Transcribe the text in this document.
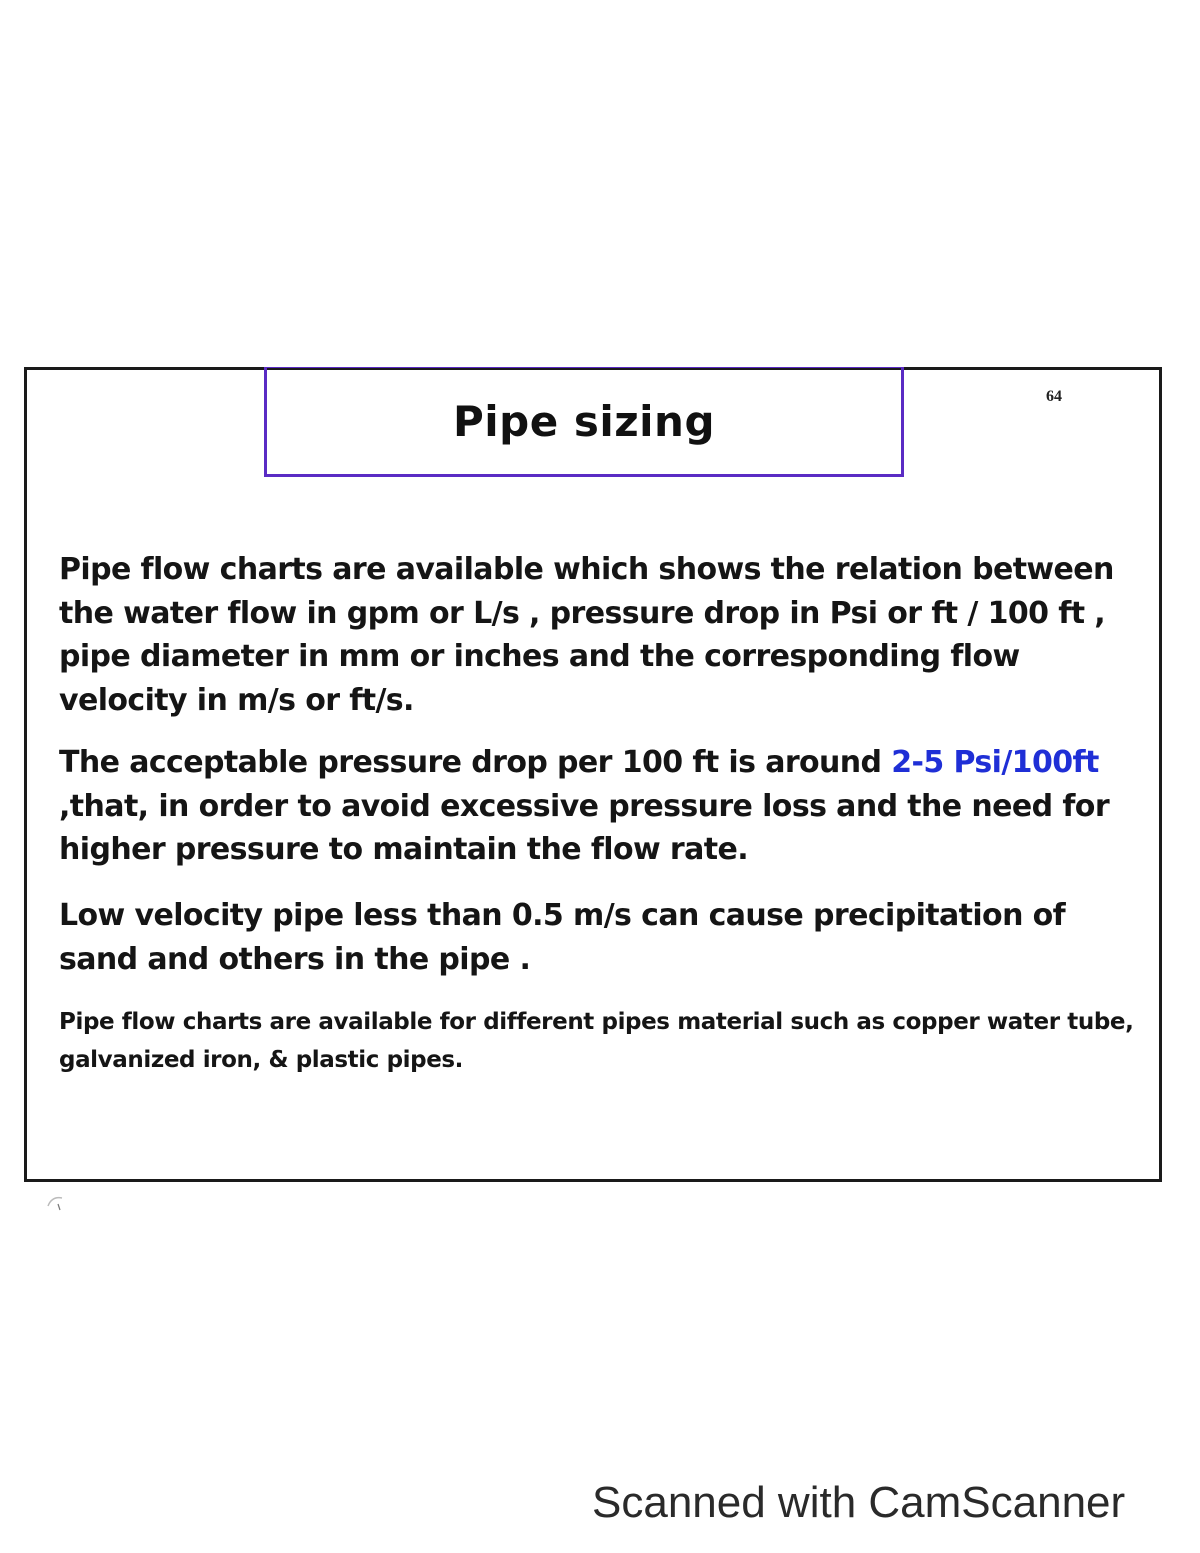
Pipe sizing	64

Pipe flow charts are available which shows the relation between the water flow in gpm or L/s , pressure drop in Psi or ft / 100 ft , pipe diameter in mm or inches and the corresponding flow velocity in m/s or ft/s.

The acceptable pressure drop per 100 ft is around 2-5 Psi/100ft ,that, in order to avoid excessive pressure loss and the need for higher pressure to maintain the flow rate.

Low velocity pipe less than 0.5 m/s can cause precipitation of sand and others in the pipe .

Pipe flow charts are available for different pipes material such as copper water tube, galvanized iron, & plastic pipes.

Scanned with CamScanner
